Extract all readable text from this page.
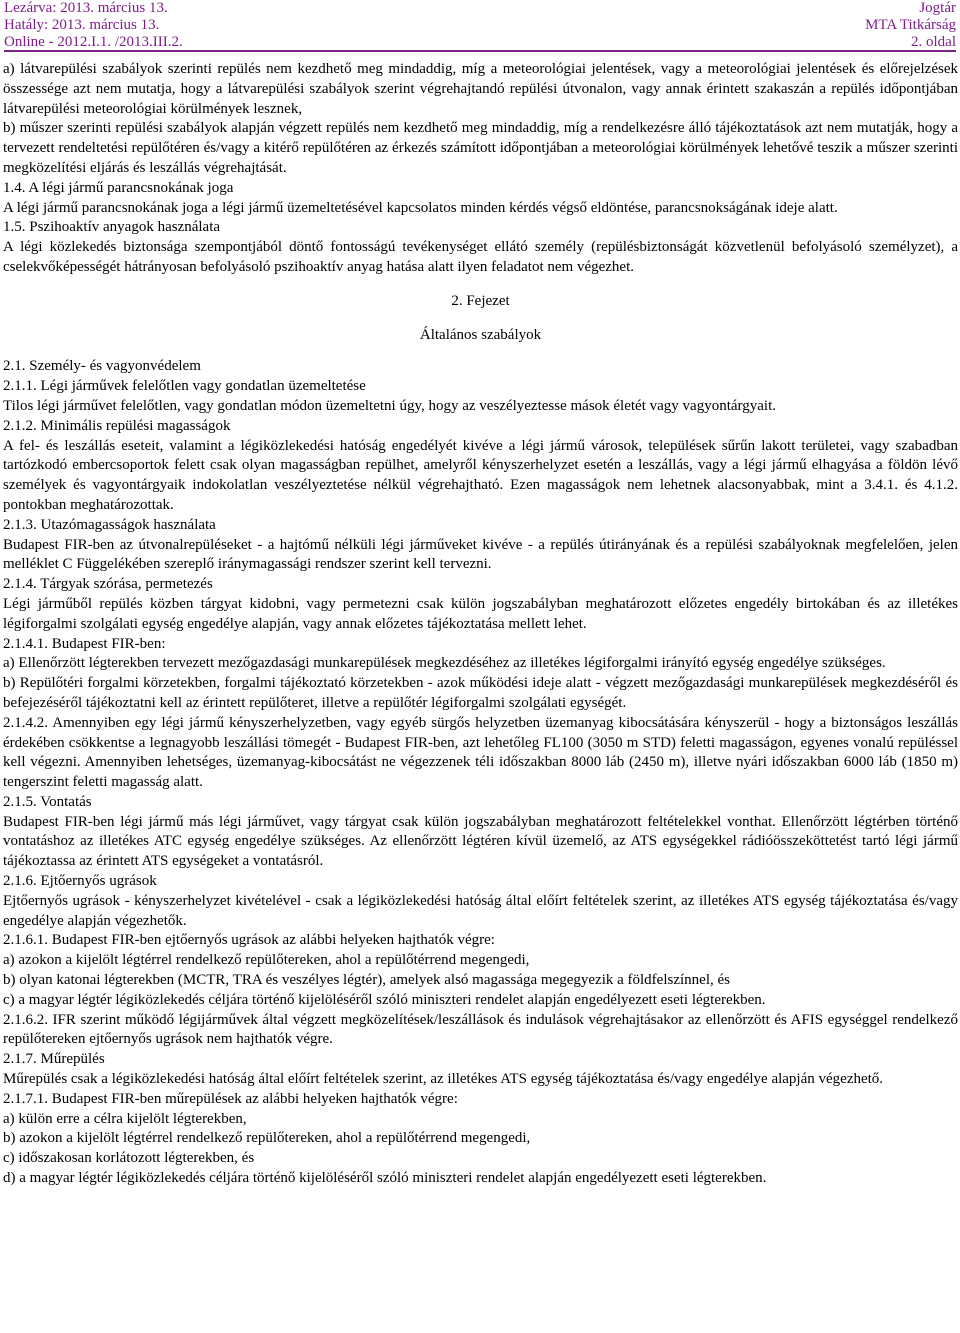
Lezárva: 2013. március 13.
Hatály: 2013. március 13.
Online - 2012.I.1. /2013.III.2.
Jogtár
MTA Titkárság
2. oldal
a) látvarepülési szabályok szerinti repülés nem kezdhető meg mindaddig, míg a meteorológiai jelentések, vagy a meteorológiai jelentések és előrejelzések összessége azt nem mutatja, hogy a látvarepülési szabályok szerint végrehajtandó repülési útvonalon, vagy annak érintett szakaszán a repülés időpontjában látvarepülési meteorológiai körülmények lesznek,
b) műszer szerinti repülési szabályok alapján végzett repülés nem kezdhető meg mindaddig, míg a rendelkezésre álló tájékoztatások azt nem mutatják, hogy a tervezett rendeltetési repülőtéren és/vagy a kitérő repülőtéren az érkezés számított időpontjában a meteorológiai körülmények lehetővé teszik a műszer szerinti megközelítési eljárás és leszállás végrehajtását.
1.4. A légi jármű parancsnokának joga
A légi jármű parancsnokának joga a légi jármű üzemeltetésével kapcsolatos minden kérdés végső eldöntése, parancsnokságának ideje alatt.
1.5. Pszihoaktív anyagok használata
A légi közlekedés biztonsága szempontjából döntő fontosságú tevékenységet ellátó személy (repülésbiztonságát közvetlenül befolyásoló személyzet), a cselekvőképességét hátrányosan befolyásoló pszihoaktív anyag hatása alatt ilyen feladatot nem végezhet.
2. Fejezet
Általános szabályok
2.1. Személy- és vagyonvédelem
2.1.1. Légi járművek felelőtlen vagy gondatlan üzemeltetése
Tilos légi járművet felelőtlen, vagy gondatlan módon üzemeltetni úgy, hogy az veszélyeztesse mások életét vagy vagyontárgyait.
2.1.2. Minimális repülési magasságok
A fel- és leszállás eseteit, valamint a légiközlekedési hatóság engedélyét kivéve a légi jármű városok, települések sűrűn lakott területei, vagy szabadban tartózkodó embercsoportok felett csak olyan magasságban repülhet, amelyről kényszerhelyzet esetén a leszállás, vagy a légi jármű elhagyása a földön lévő személyek és vagyontárgyaik indokolatlan veszélyeztetése nélkül végrehajtható. Ezen magasságok nem lehetnek alacsonyabbak, mint a 3.4.1. és 4.1.2. pontokban meghatározottak.
2.1.3. Utazómagasságok használata
Budapest FIR-ben az útvonalrepüléseket - a hajtómű nélküli légi járműveket kivéve - a repülés útirányának és a repülési szabályoknak megfelelően, jelen melléklet C Függelékében szereplő iránymagassági rendszer szerint kell tervezni.
2.1.4. Tárgyak szórása, permetezés
Légi járműből repülés közben tárgyat kidobni, vagy permetezni csak külön jogszabályban meghatározott előzetes engedély birtokában és az illetékes légiforgalmi szolgálati egység engedélye alapján, vagy annak előzetes tájékoztatása mellett lehet.
2.1.4.1. Budapest FIR-ben:
a) Ellenőrzött légterekben tervezett mezőgazdasági munkarepülések megkezdéséhez az illetékes légiforgalmi irányító egység engedélye szükséges.
b) Repülőtéri forgalmi körzetekben, forgalmi tájékoztató körzetekben - azok működési ideje alatt - végzett mezőgazdasági munkarepülések megkezdéséről és befejezéséről tájékoztatni kell az érintett repülőteret, illetve a repülőtér légiforgalmi szolgálati egységét.
2.1.4.2. Amennyiben egy légi jármű kényszerhelyzetben, vagy egyéb sürgős helyzetben üzemanyag kibocsátására kényszerül - hogy a biztonságos leszállás érdekében csökkentse a legnagyobb leszállási tömegét - Budapest FIR-ben, azt lehetőleg FL100 (3050 m STD) feletti magasságon, egyenes vonalú repüléssel kell végezni. Amennyiben lehetséges, üzemanyag-kibocsátást ne végezzenek téli időszakban 8000 láb (2450 m), illetve nyári időszakban 6000 láb (1850 m) tengerszint feletti magasság alatt.
2.1.5. Vontatás
Budapest FIR-ben légi jármű más légi járművet, vagy tárgyat csak külön jogszabályban meghatározott feltételekkel vonthat. Ellenőrzött légtérben történő vontatáshoz az illetékes ATC egység engedélye szükséges. Az ellenőrzött légtéren kívül üzemelő, az ATS egységekkel rádióösszeköttetést tartó légi jármű tájékoztassa az érintett ATS egységeket a vontatásról.
2.1.6. Ejtőernyős ugrások
Ejtőernyős ugrások - kényszerhelyzet kivételével - csak a légiközlekedési hatóság által előírt feltételek szerint, az illetékes ATS egység tájékoztatása és/vagy engedélye alapján végezhetők.
2.1.6.1. Budapest FIR-ben ejtőernyős ugrások az alábbi helyeken hajthatók végre:
a) azokon a kijelölt légtérrel rendelkező repülőtereken, ahol a repülőtérrend megengedi,
b) olyan katonai légterekben (MCTR, TRA és veszélyes légtér), amelyek alsó magassága megegyezik a földfelszínnel, és
c) a magyar légtér légiközlekedés céljára történő kijelöléséről szóló miniszteri rendelet alapján engedélyezett eseti légterekben.
2.1.6.2. IFR szerint működő légijárművek által végzett megközelítések/leszállások és indulások végrehajtásakor az ellenőrzött és AFIS egységgel rendelkező repülőtereken ejtőernyős ugrások nem hajthatók végre.
2.1.7. Műrepülés
Műrepülés csak a légiközlekedési hatóság által előírt feltételek szerint, az illetékes ATS egység tájékoztatása és/vagy engedélye alapján végezhető.
2.1.7.1. Budapest FIR-ben műrepülések az alábbi helyeken hajthatók végre:
a) külön erre a célra kijelölt légterekben,
b) azokon a kijelölt légtérrel rendelkező repülőtereken, ahol a repülőtérrend megengedi,
c) időszakosan korlátozott légterekben, és
d) a magyar légtér légiközlekedés céljára történő kijelöléséről szóló miniszteri rendelet alapján engedélyezett eseti légterekben.
